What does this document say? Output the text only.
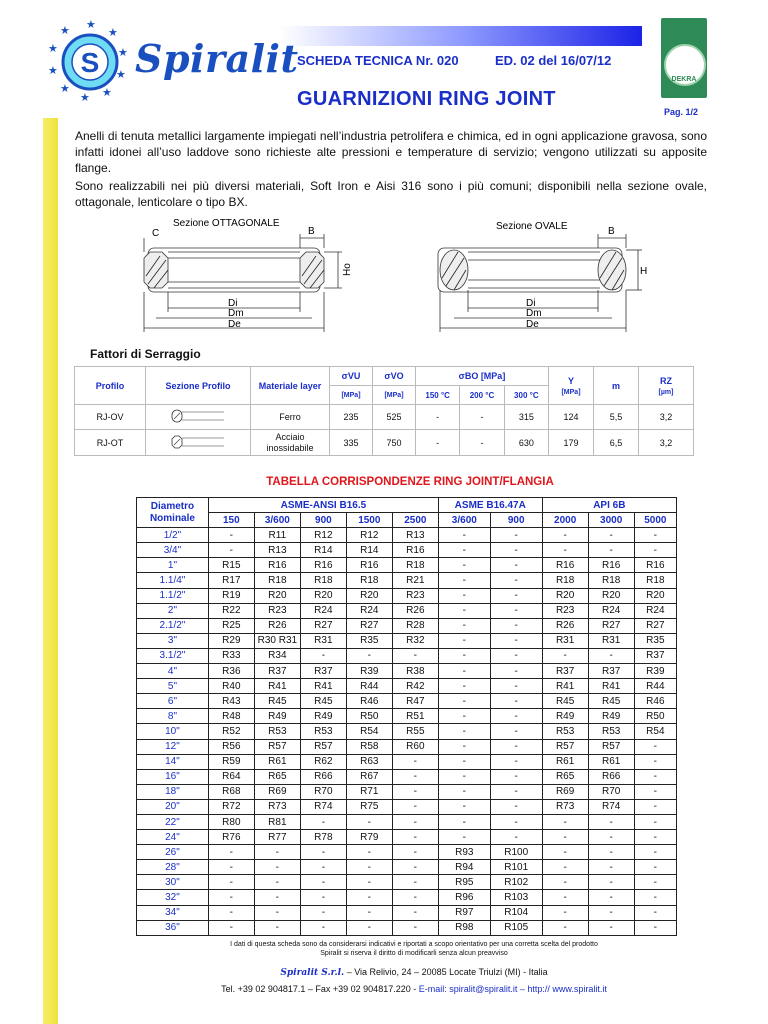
★
★
★
★
★
★
★
★
★
★
S Spiralit
SCHEDA TECNICA Nr. 020	ED. 02 del 16/07/12
GUARNIZIONI RING JOINT
Pag. 1/2
DEKRA
Anelli di tenuta metallici largamente impiegati nell’industria petrolifera e chimica, ed in ogni applicazione gravosa, sono infatti idonei all’uso laddove sono richieste alte pressioni e temperature di servizio; vengono utilizzati su apposite flange.
Sono realizzabili nei più diversi materiali, Soft Iron e Aisi 316 sono i più comuni; disponibili nella sezione ovale, ottagonale, lenticolare o tipo BX.
Sezione OTTAGONALE
C	B
Ho
Di
Dm
De
Sezione OVALE	B
H
Di
Dm
De
Fattori di Serraggio
Profilo	Sezione Profilo	Materiale layer	σVU	σVO	σBO [MPa]			Y
[MPa]	m	RZ
[µm]
			[MPa]	[MPa]	150 °C	200 °C	300 °C			
RJ-OV		Ferro	235	525	-	-	315	124	5,5	3,2
RJ-OT		Acciaio inossidabile	335	750	-	-	630	179	6,5	3,2
TABELLA CORRISPONDENZE RING JOINT/FLANGIA
Diametro Nominale	ASME-ANSI B16.5					ASME B16.47A		API 6B		
	150	3/600	900	1500	2500	3/600	900	2000	3000	5000
1/2"	-	R11	R12	R12	R13	-	-	-	-	-
3/4"	-	R13	R14	R14	R16	-	-	-	-	-
1"	R15	R16	R16	R16	R18	-	-	R16	R16	R16
1.1/4"	R17	R18	R18	R18	R21	-	-	R18	R18	R18
1.1/2"	R19	R20	R20	R20	R23	-	-	R20	R20	R20
2"	R22	R23	R24	R24	R26	-	-	R23	R24	R24
2.1/2"	R25	R26	R27	R27	R28	-	-	R26	R27	R27
3"	R29	R30 R31	R31	R35	R32	-	-	R31	R31	R35
3.1/2"	R33	R34	-	-	-	-	-	-	-	R37
4"	R36	R37	R37	R39	R38	-	-	R37	R37	R39
5"	R40	R41	R41	R44	R42	-	-	R41	R41	R44
6"	R43	R45	R45	R46	R47	-	-	R45	R45	R46
8"	R48	R49	R49	R50	R51	-	-	R49	R49	R50
10"	R52	R53	R53	R54	R55	-	-	R53	R53	R54
12"	R56	R57	R57	R58	R60	-	-	R57	R57	-
14"	R59	R61	R62	R63	-	-	-	R61	R61	-
16"	R64	R65	R66	R67	-	-	-	R65	R66	-
18"	R68	R69	R70	R71	-	-	-	R69	R70	-
20"	R72	R73	R74	R75	-	-	-	R73	R74	-
22"	R80	R81	-	-	-	-	-	-	-	-
24"	R76	R77	R78	R79	-	-	-	-	-	-
26"	-	-	-	-	-	R93	R100	-	-	-
28"	-	-	-	-	-	R94	R101	-	-	-
30"	-	-	-	-	-	R95	R102	-	-	-
32"	-	-	-	-	-	R96	R103	-	-	-
34"	-	-	-	-	-	R97	R104	-	-	-
36"	-	-	-	-	-	R98	R105	-	-	-
I dati di questa scheda sono da considerarsi indicativi e riportati a scopo orientativo per una corretta scelta del prodotto
Spiralit si riserva il diritto di modificarli senza alcun preavviso
Spiralit S.r.l. – Via Relivio, 24 – 20085 Locate Triulzi (MI) - Italia
Tel. +39 02 904817.1 – Fax +39 02 904817.220 - E-mail: spiralit@spiralit.it – http:// www.spiralit.it
